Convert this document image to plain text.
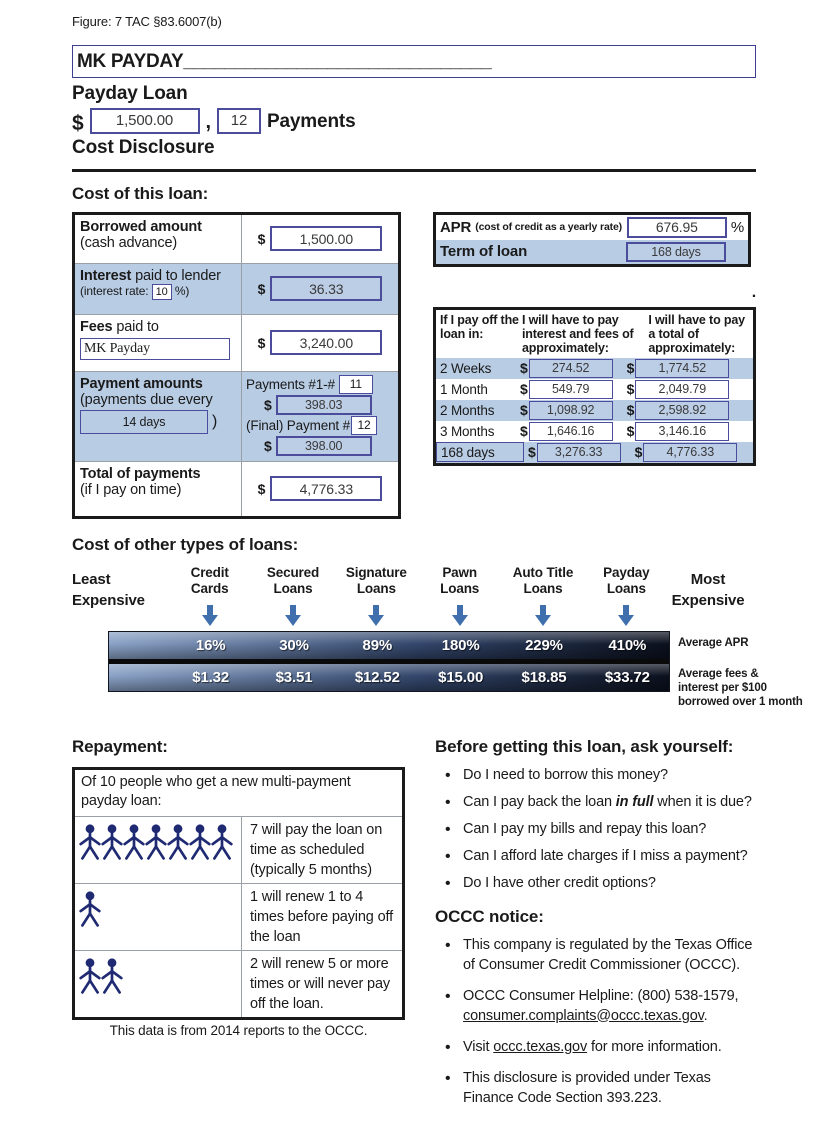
Figure: 7 TAC §83.6007(b)
MK PAYDAY______________________________
Payday Loan
$	1,500.00	,	12	Payments
Cost Disclosure
Cost of this loan:
Borrowed amount
(cash advance)	$	1,500.00
Interest paid to lender
(interest rate: 10 %)	$	36.33
Fees paid to
MK Payday	$	3,240.00
Payment amounts
(payments due every
14 days	)
Payments #1-#	11
$	398.03
(Final) Payment # 12
$	398.00
Total of payments
(if I pay on time)	$	4,776.33
APR (cost of credit as a yearly rate)	676.95	%
Term of loan	168 days
.
If I pay off the loan in:
I will have to pay interest and fees of approximately:
I will have to pay a total of approximately:
2 Weeks	$	274.52	$	1,774.52
1 Month	$	549.79	$	2,049.79
2 Months	$	1,098.92	$	2,598.92
3 Months	$	1,646.16	$	3,146.16
168 days	$	3,276.33	$	4,776.33
Cost of other types of loans:
Least
Expensive
Credit
Cards
Secured
Loans
Signature
Loans
Pawn
Loans
Auto Title
Loans
Payday
Loans
Most
Expensive
16%	30%	89%	180%	229%	410%
$1.32	$3.51	$12.52	$15.00	$18.85	$33.72
Average APR
Average fees &
interest per $100
borrowed over 1 month
Repayment:
Of 10 people who get a new multi-payment payday loan:
7 will pay the loan on time as scheduled (typically 5 months)
1 will renew 1 to 4 times before paying off the loan
2 will renew 5 or more times or will never pay off the loan.
This data is from 2014 reports to the OCCC.
Before getting this loan, ask yourself:
• Do I need to borrow this money?
• Can I pay back the loan in full when it is due?
• Can I pay my bills and repay this loan?
• Can I afford late charges if I miss a payment?
• Do I have other credit options?
OCCC notice:
• This company is regulated by the Texas Office of Consumer Credit Commissioner (OCCC).
• OCCC Consumer Helpline: (800) 538-1579, consumer.complaints@occc.texas.gov.
• Visit occc.texas.gov for more information.
• This disclosure is provided under Texas Finance Code Section 393.223.
